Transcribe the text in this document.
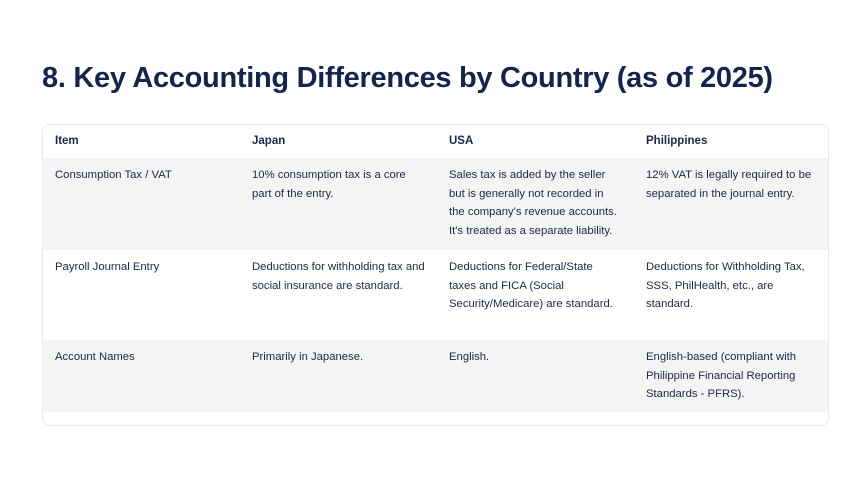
8. Key Accounting Differences by Country (as of 2025)
Item	Japan	USA	Philippines
Consumption Tax / VAT	10% consumption tax is a core part of the entry.	Sales tax is added by the seller but is generally not recorded in the company's revenue accounts. It's treated as a separate liability.	12% VAT is legally required to be separated in the journal entry.
Payroll Journal Entry	Deductions for withholding tax and social insurance are standard.	Deductions for Federal/State taxes and FICA (Social Security/Medicare) are standard.	Deductions for Withholding Tax, SSS, PhilHealth, etc., are standard.
Account Names	Primarily in Japanese.	English.	English-based (compliant with Philippine Financial Reporting Standards - PFRS).
